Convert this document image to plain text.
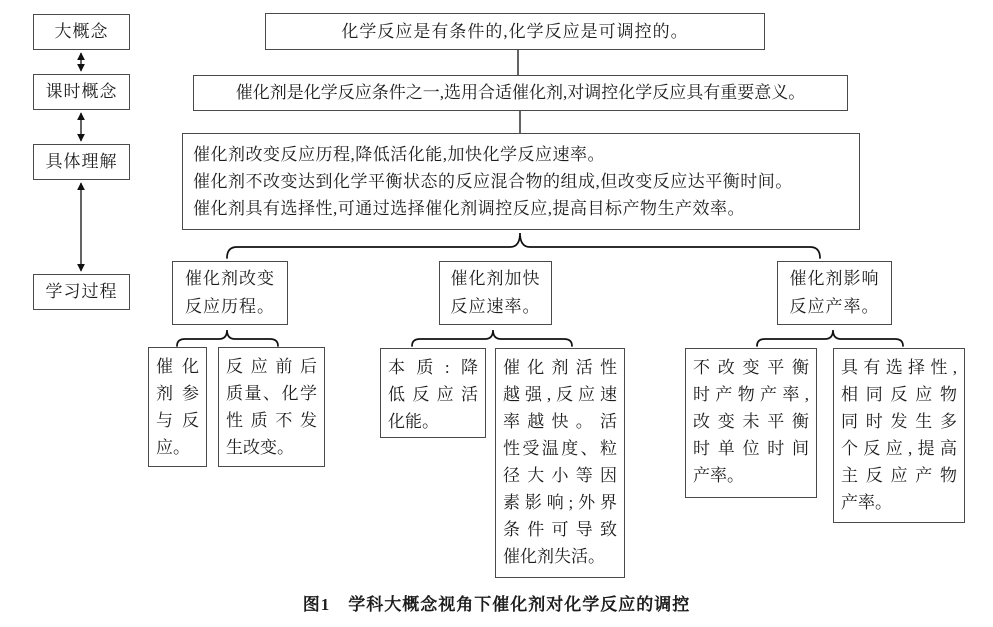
大概念
课时概念
具体理解
学习过程
化学反应是有条件的,化学反应是可调控的。
催化剂是化学反应条件之一,选用合适催化剂,对调控化学反应具有重要意义。
催化剂改变反应历程,降低活化能,加快化学反应速率。
催化剂不改变达到化学平衡状态的反应混合物的组成,但改变反应达平衡时间。
催化剂具有选择性,可通过选择催化剂调控反应,提高目标产物生产效率。
催化剂改变
反应历程。
催化剂加快
反应速率。
催化剂影响
反应产率。
催化
剂参
与反
应。
反应前后
质量、化学
性质不发
生改变。
本质:降
低反应活
化能。
催化剂活性
越强,反应速
率越快。活
性受温度、粒
径大小等因
素影响;外界
条件可导致
催化剂失活。
不改变平衡
时产物产率,
改变未平衡
时单位时间
产率。
具有选择性,
相同反应物
同时发生多
个反应,提高
主反应产物
产率。
图1　学科大概念视角下催化剂对化学反应的调控
